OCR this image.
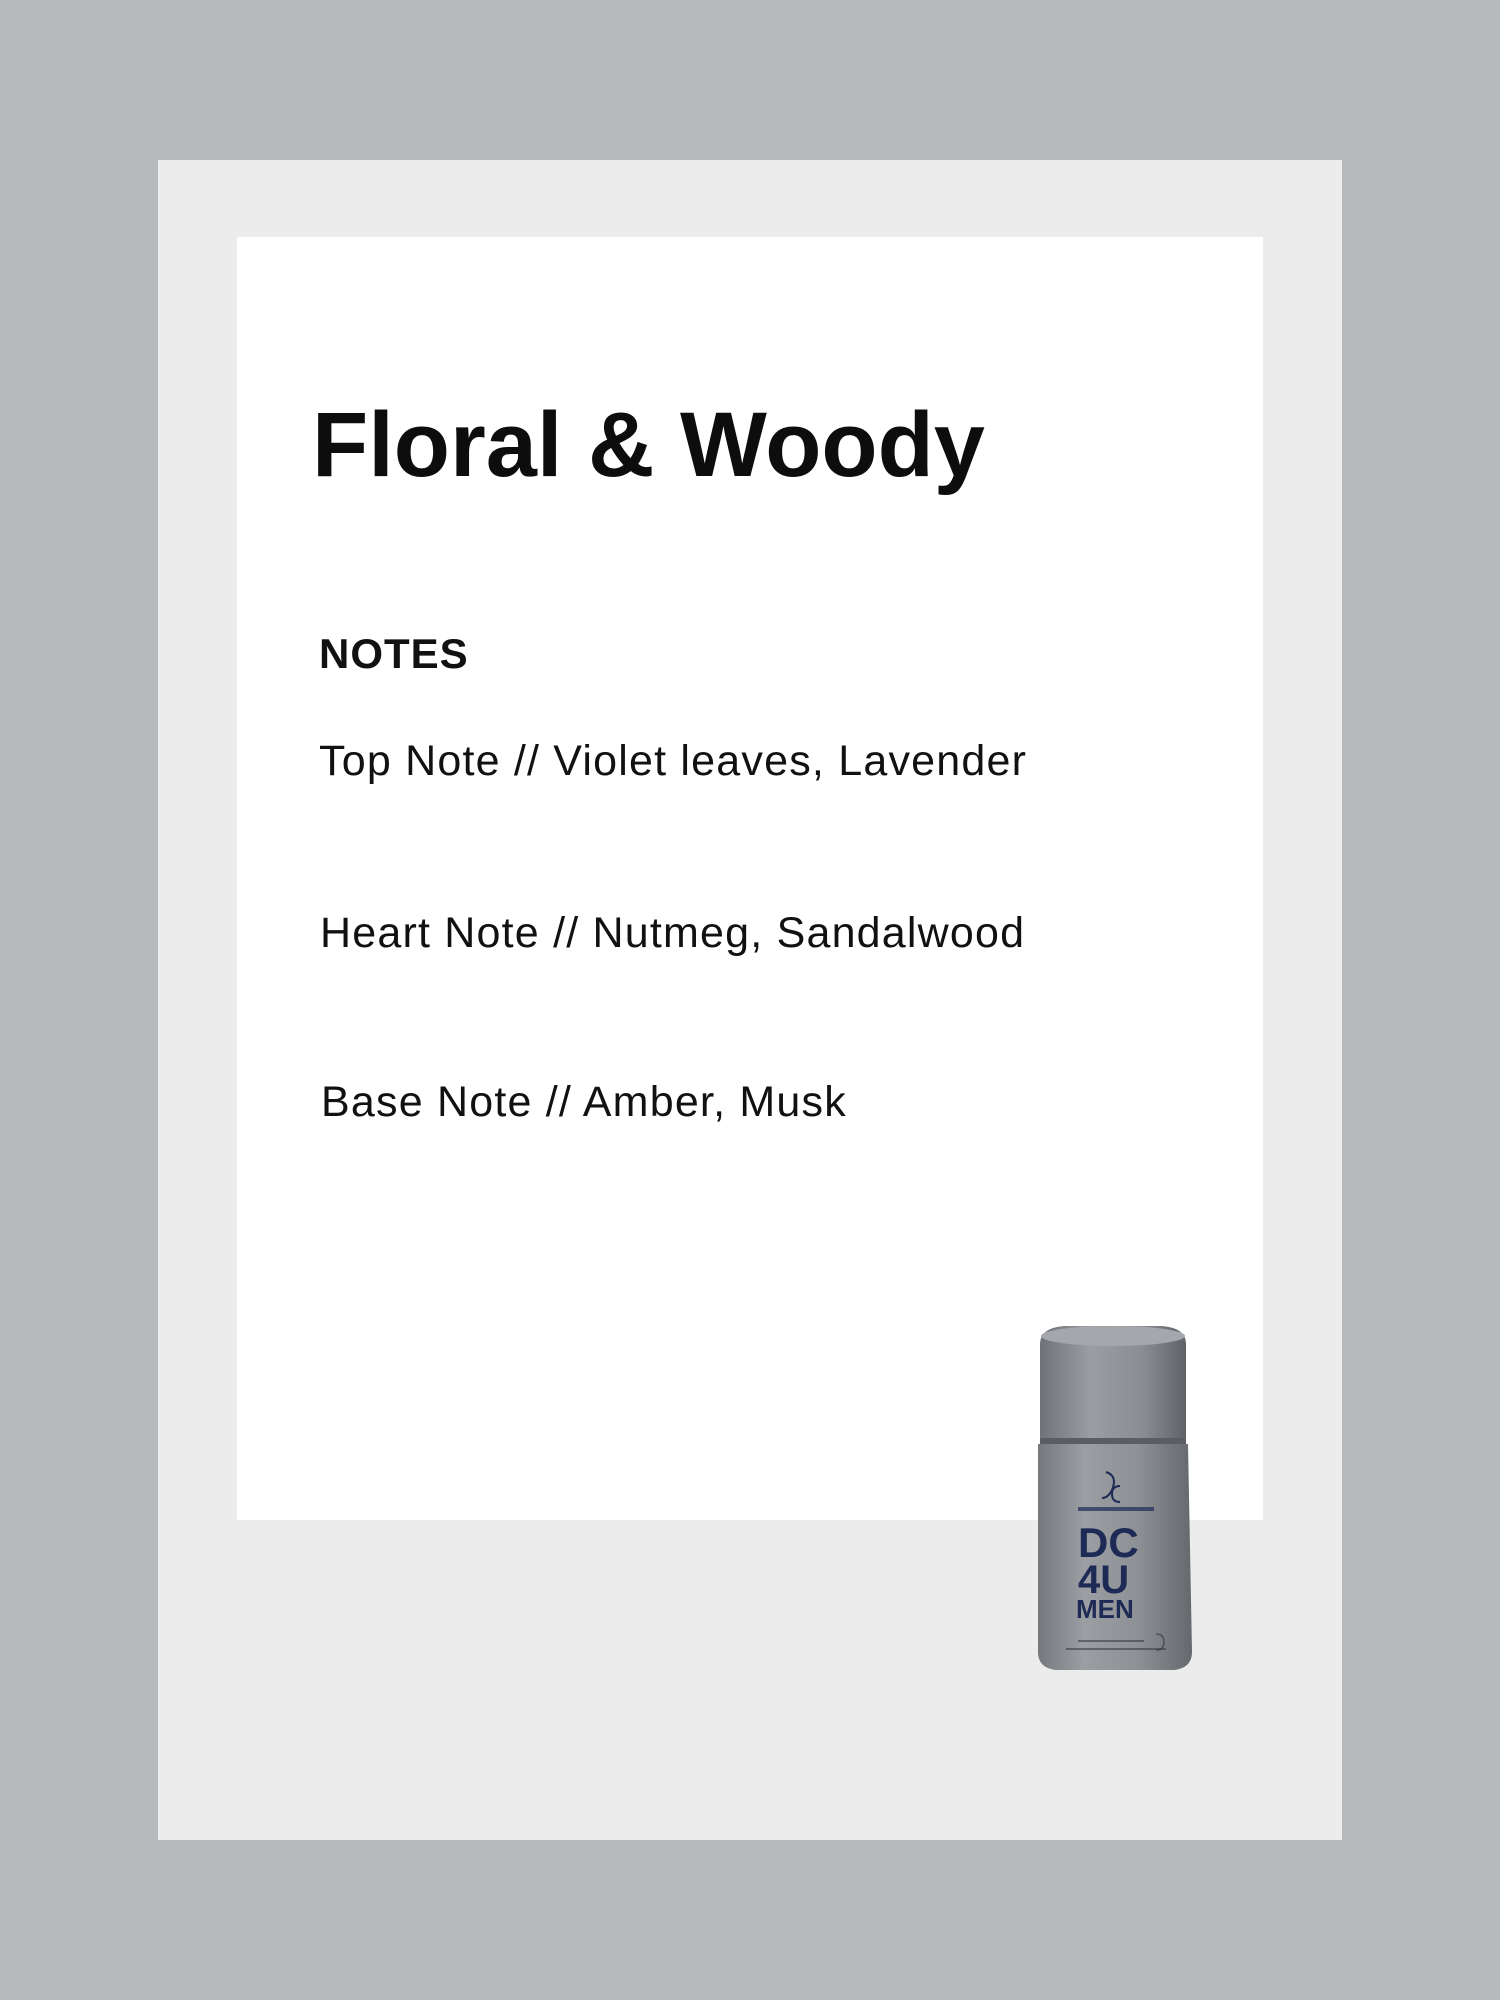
Floral & Woody
NOTES

Top Note // Violet leaves, Lavender

Heart Note // Nutmeg, Sandalwood

Base Note // Amber, Musk

DC
4U
MEN
